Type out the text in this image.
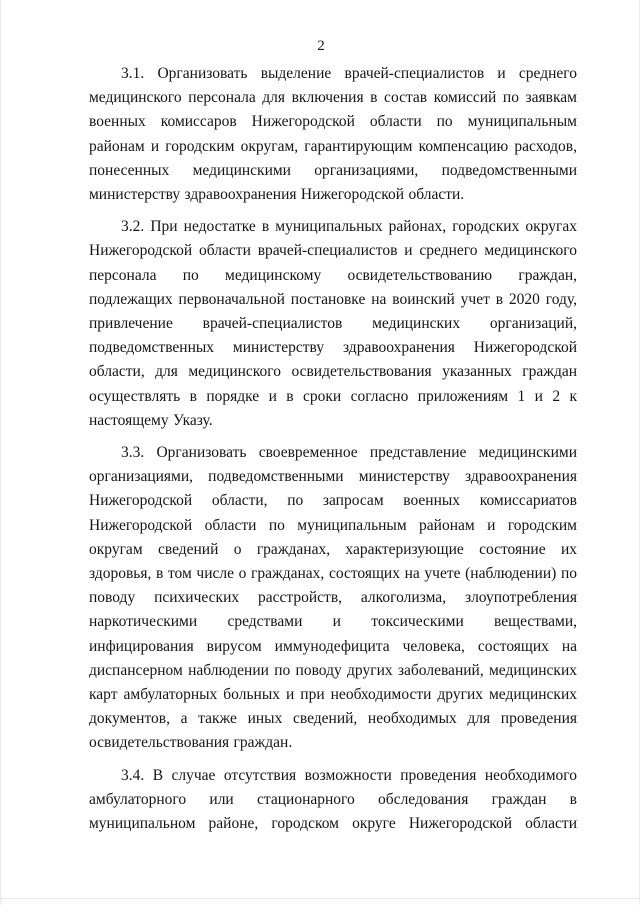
2

3.1. Организовать выделение врачей-специалистов и среднего медицинского персонала для включения в состав комиссий по заявкам военных комиссаров Нижегородской области по муниципальным районам и городским округам, гарантирующим компенсацию расходов, понесенных медицинскими организациями, подведомственными министерству здравоохранения Нижегородской области.

3.2. При недостатке в муниципальных районах, городских округах Нижегородской области врачей-специалистов и среднего медицинского персонала по медицинскому освидетельствованию граждан, подлежащих первоначальной постановке на воинский учет в 2020 году, привлечение врачей-специалистов медицинских организаций, подведомственных министерству здравоохранения Нижегородской области, для медицинского освидетельствования указанных граждан осуществлять в порядке и в сроки согласно приложениям 1 и 2 к настоящему Указу.

3.3. Организовать своевременное представление медицинскими организациями, подведомственными министерству здравоохранения Нижегородской области, по запросам военных комиссариатов Нижегородской области по муниципальным районам и городским округам сведений о гражданах, характеризующие состояние их здоровья, в том числе о гражданах, состоящих на учете (наблюдении) по поводу психических расстройств, алкоголизма, злоупотребления наркотическими средствами и токсическими веществами, инфицирования вирусом иммунодефицита человека, состоящих на диспансерном наблюдении по поводу других заболеваний, медицинских карт амбулаторных больных и при необходимости других медицинских документов, а также иных сведений, необходимых для проведения освидетельствования граждан.

3.4. В случае отсутствия возможности проведения необходимого амбулаторного или стационарного обследования граждан в муниципальном районе, городском округе Нижегородской области
